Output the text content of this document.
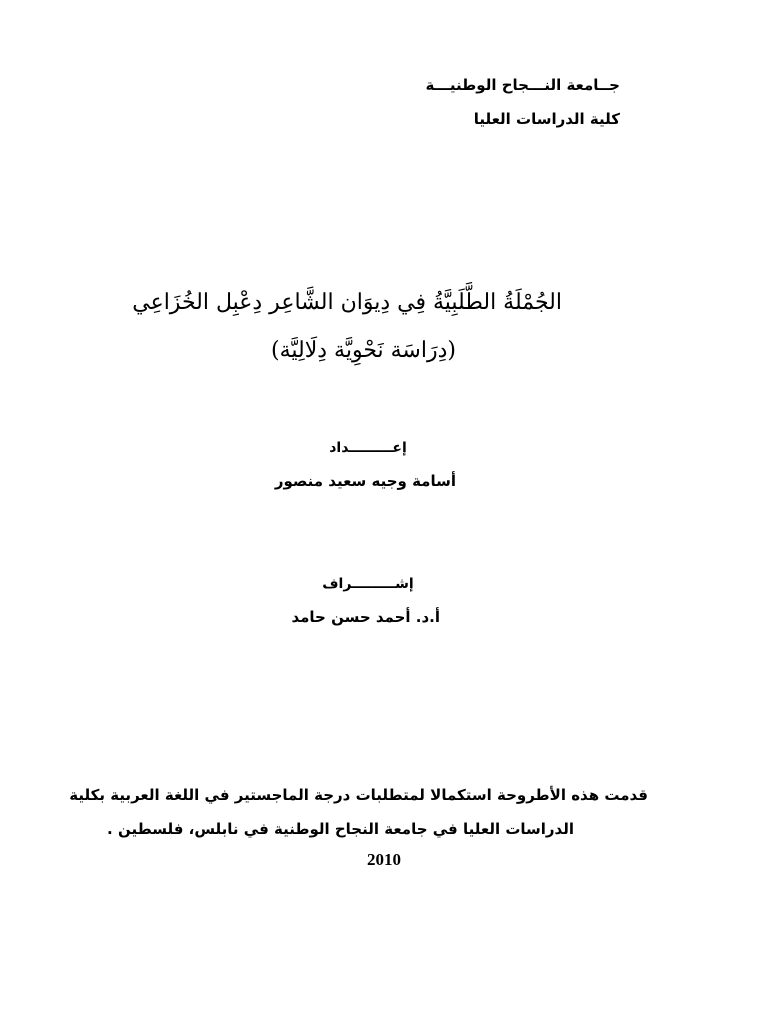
جــامعة النـــجاح الوطنيـــة

كلية الدراسات العليا

الجُمْلَةُ الطَّلَبِيَّةُ فِي دِيوَان الشَّاعِر دِعْبِل الخُزَاعِي

(دِرَاسَة نَحْوِيَّة دِلَالِيَّة)

إعـــــــــداد

أسامة وجيه سعيد منصور

إشـــــــــراف

أ.د. أحمد حسن حامد

قدمت هذه الأطروحة استكمالا لمتطلبات درجة الماجستير في اللغة العربية بكلية

الدراسات العليا في جامعة النجاح الوطنية في نابلس، فلسطين .

2010
